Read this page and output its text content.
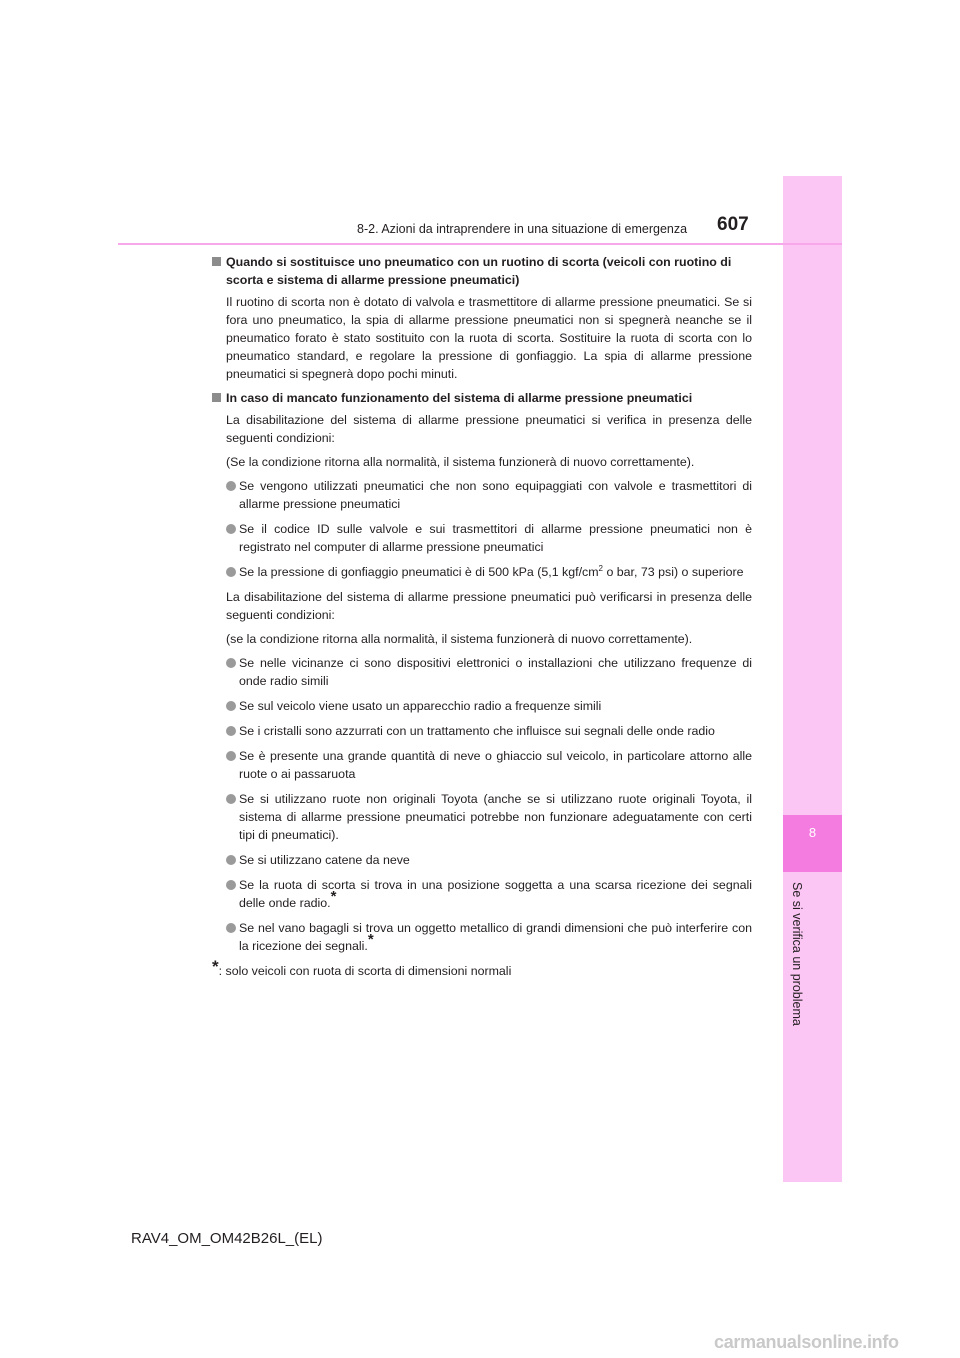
8
Se si verifica un problema
8-2. Azioni da intraprendere in una situazione di emergenza 607
Quando si sostituisce uno pneumatico con un ruotino di scorta (veicoli con ruotino di scorta e sistema di allarme pressione pneumatici)

Il ruotino di scorta non è dotato di valvola e trasmettitore di allarme pressione pneumatici. Se si fora uno pneumatico, la spia di allarme pressione pneumatici non si spegnerà neanche se il pneumatico forato è stato sostituito con la ruota di scorta. Sostituire la ruota di scorta con lo pneumatico standard, e regolare la pressione di gonfiaggio. La spia di allarme pressione pneumatici si spegnerà dopo pochi minuti.

In caso di mancato funzionamento del sistema di allarme pressione pneumatici

La disabilitazione del sistema di allarme pressione pneumatici si verifica in presenza delle seguenti condizioni:

(Se la condizione ritorna alla normalità, il sistema funzionerà di nuovo correttamente).

Se vengono utilizzati pneumatici che non sono equipaggiati con valvole e trasmettitori di allarme pressione pneumatici
Se il codice ID sulle valvole e sui trasmettitori di allarme pressione pneumatici non è registrato nel computer di allarme pressione pneumatici
Se la pressione di gonfiaggio pneumatici è di 500 kPa (5,1 kgf/$cm^2$ o bar, 73 psi) o superiore

La disabilitazione del sistema di allarme pressione pneumatici può verificarsi in presenza delle seguenti condizioni:

(se la condizione ritorna alla normalità, il sistema funzionerà di nuovo correttamente).

Se nelle vicinanze ci sono dispositivi elettronici o installazioni che utilizzano frequenze di onde radio simili
Se sul veicolo viene usato un apparecchio radio a frequenze simili
Se i cristalli sono azzurrati con un trattamento che influisce sui segnali delle onde radio
Se è presente una grande quantità di neve o ghiaccio sul veicolo, in particolare attorno alle ruote o ai passaruota
Se si utilizzano ruote non originali Toyota (anche se si utilizzano ruote originali Toyota, il sistema di allarme pressione pneumatici potrebbe non funzionare adeguatamente con certi tipi di pneumatici).
Se si utilizzano catene da neve
Se la ruota di scorta si trova in una posizione soggetta a una scarsa ricezione dei segnali delle onde radio.*
Se nel vano bagagli si trova un oggetto metallico di grandi dimensioni che può interferire con la ricezione dei segnali.*
*: solo veicoli con ruota di scorta di dimensioni normali
RAV4_OM_OM42B26L_(EL)
carmanualsonline.info
